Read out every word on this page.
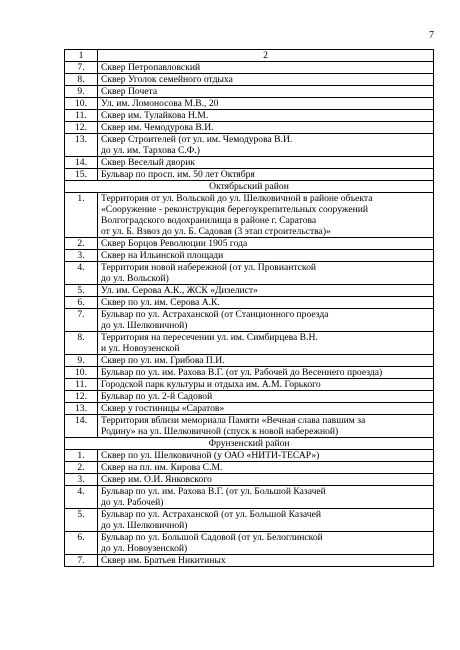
7
1	2
7.	Сквер Петропавловский
8.	Сквер Уголок семейного отдыха
9.	Сквер Почета
10.	Ул. им. Ломоносова М.В., 20
11.	Сквер им. Тулайкова Н.М.
12.	Сквер им. Чемодурова В.И.
13.	Сквер Строителей (от ул. им. Чемодурова В.И.
до ул. им. Тархова С.Ф.)
14.	Сквер Веселый дворик
15.	Бульвар по просп. им. 50 лет Октября
Октябрьский район	
1.	Территория от ул. Вольской до ул. Шелковичной в районе объекта
«Сооружение - реконструкция берегоукрепительных сооружений
Волгоградского водохранилища в районе г. Саратова
от ул. Б. Взвоз до ул. Б. Садовая (3 этап строительства)»
2.	Сквер Борцов Революции 1905 года
3.	Сквер на Ильинской площади
4.	Территория новой набережной (от ул. Провиантской
до ул. Вольской)
5.	Ул. им. Серова А.К., ЖСК «Дизелист»
6.	Сквер по ул. им. Серова А.К.
7.	Бульвар по ул. Астраханской (от Станционного проезда
до ул. Шелковичной)
8.	Территория на пересечении ул. им. Симбирцева В.Н.
и ул. Новоузенской
9.	Сквер по ул. им. Грибова П.И.
10.	Бульвар по ул. им. Рахова В.Г. (от ул. Рабочей до Весеннего проезда)
11.	Городской парк культуры и отдыха им. А.М. Горького
12.	Бульвар по ул. 2-й Садовой
13.	Сквер у гостиницы «Саратов»
14.	Территория вблизи мемориала Памяти «Вечная слава павшим за
Родину» на ул. Шелковичной (спуск к новой набережной)
Фрунзенский район	
1.	Сквер по ул. Шелковичной (у ОАО «НИТИ-ТЕСАР»)
2.	Сквер на пл. им. Кирова С.М.
3.	Сквер им. О.И. Янковского
4.	Бульвар по ул. им. Рахова В.Г. (от ул. Большой Казачей
до ул. Рабочей)
5.	Бульвар по ул. Астраханской (от ул. Большой Казачей
до ул. Шелковичной)
6.	Бульвар по ул. Большой Садовой (от ул. Белоглинской
до ул. Новоузенской)
7.	Сквер им. Братьев Никитиных
